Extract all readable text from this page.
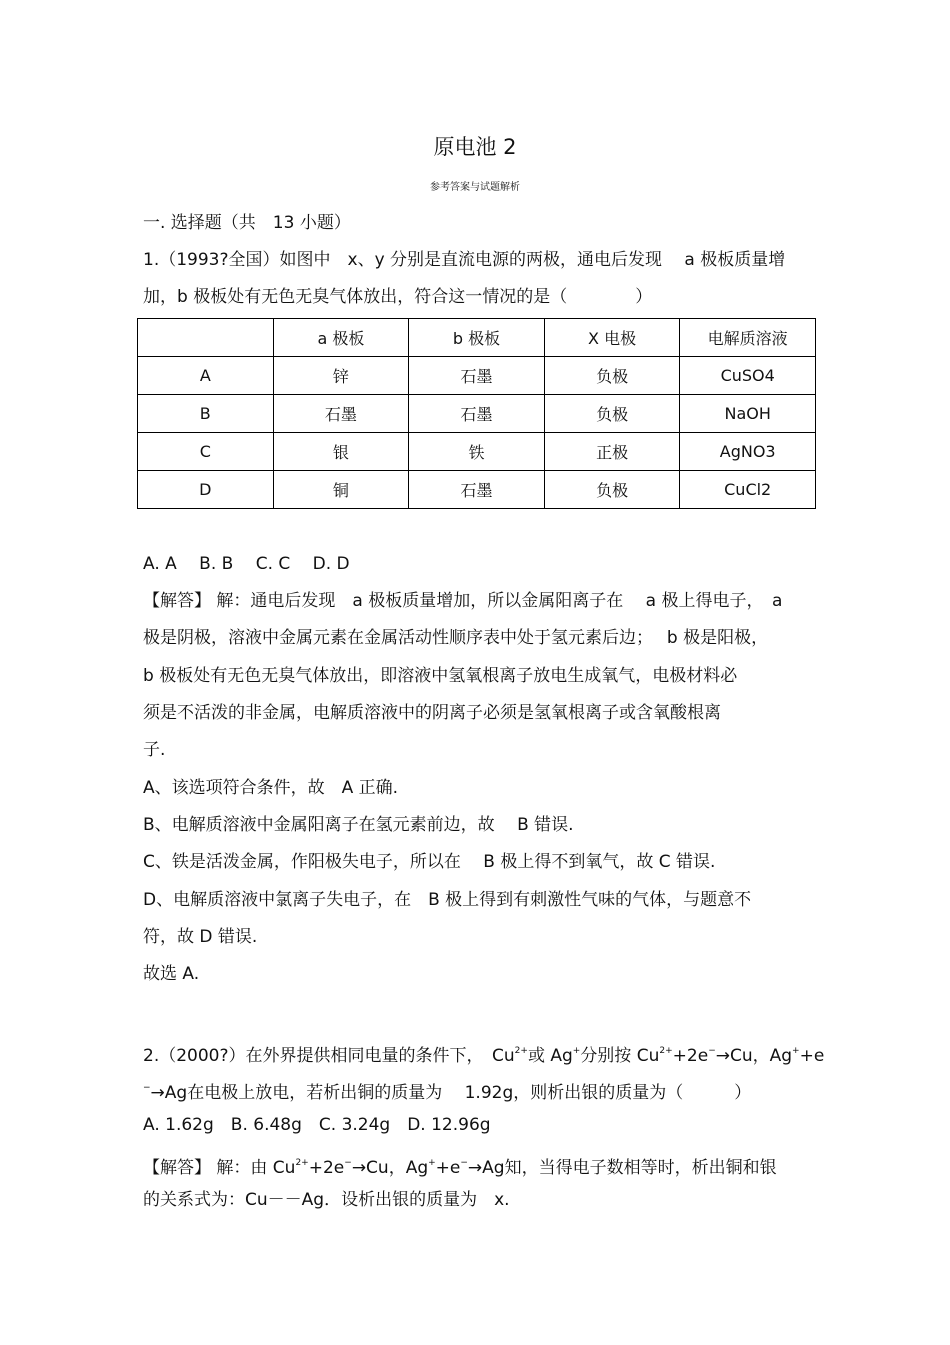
原电池 2
参考答案与试题解析
一. 选择题（共　13 小题）
1.（1993?全国）如图中　x、y 分别是直流电源的两极，通电后发现　 a 极板质量增
加，b 极板处有无色无臭气体放出，符合这一情况的是（　　　　）
	a 极板	b 极板	X 电极	电解质溶液
A	锌	石墨	负极	CuSO4
B	石墨	石墨	负极	NaOH
C	银	铁	正极	AgNO3
D	铜	石墨	负极	CuCl2
A. A　 B. B　 C. C　 D. D
【解答】 解：通电后发现　a 极板质量增加，所以金属阳离子在　 a 极上得电子，　a
极是阴极，溶液中金属元素在金属活动性顺序表中处于氢元素后边；　 b 极是阳极，
b 极板处有无色无臭气体放出，即溶液中氢氧根离子放电生成氧气，电极材料必
须是不活泼的非金属，电解质溶液中的阴离子必须是氢氧根离子或含氧酸根离
子.
A、该选项符合条件，故　A 正确.
B、电解质溶液中金属阳离子在氢元素前边，故　 B 错误.
C、铁是活泼金属，作阳极失电子，所以在　 B 极上得不到氧气，故 C 错误.
D、电解质溶液中氯离子失电子，在　B 极上得到有刺激性气味的气体，与题意不
符，故 D 错误.
故选 A.
2.（2000?）在外界提供相同电量的条件下，　$Cu^{2+}$或 Ag+分别按 $Cu^{2+}+2e^-\to Cu$，Ag++e
−→Ag在电极上放电，若析出铜的质量为　 1.92g，则析出银的质量为（　　　）
A. 1.62g　B. 6.48g　C. 3.24g　D. 12.96g
【解答】 解：由 $Cu^{2+}+2e^-\to Cu$，Ag++e−→Ag知，当得电子数相等时，析出铜和银
的关系式为：Cu－－Ag．设析出银的质量为　x.
